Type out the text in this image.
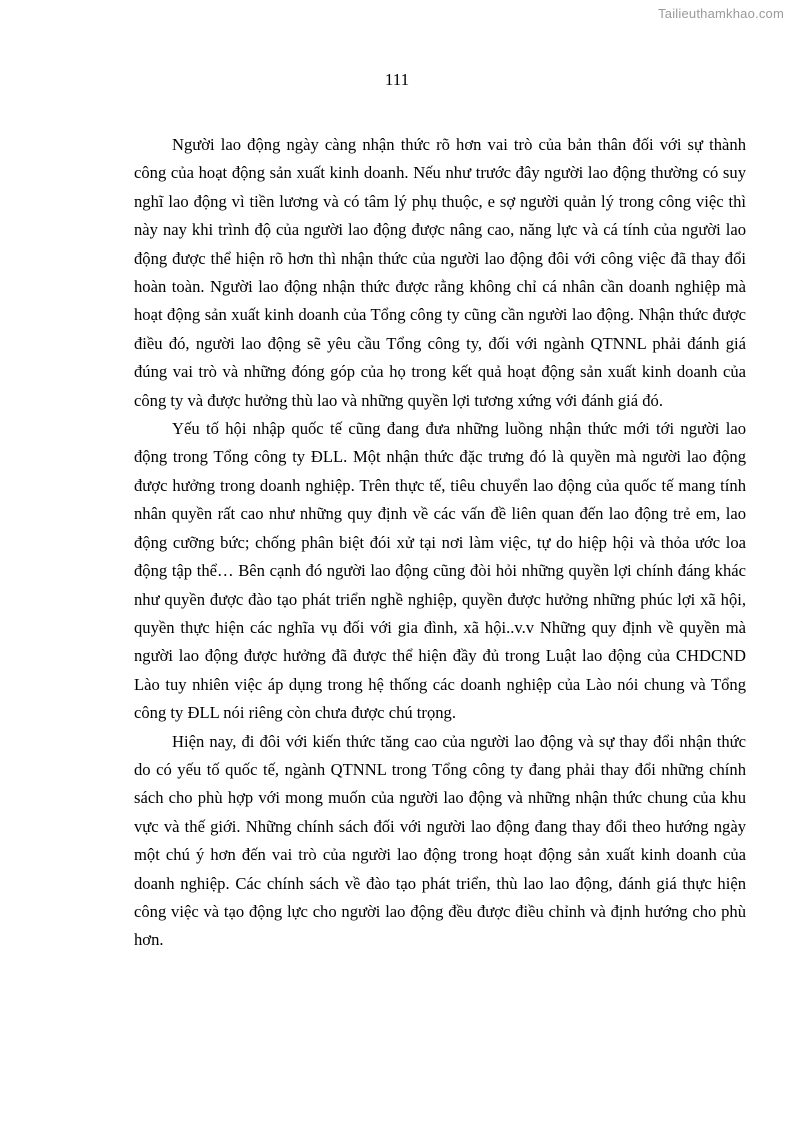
Tailieuthamkhao.com
111

Người lao động ngày càng nhận thức rõ hơn vai trò của bản thân đối với sự thành công của hoạt động sản xuất kinh doanh. Nếu như trước đây người lao động thường có suy nghĩ lao động vì tiền lương và có tâm lý phụ thuộc, e sợ người quản lý trong công việc thì này nay khi trình độ của người lao động được nâng cao, năng lực và cá tính của người lao động được thể hiện rõ hơn thì nhận thức của người lao động đôi với công việc đã thay đổi hoàn toàn. Người lao động nhận thức được rằng không chỉ cá nhân cần doanh nghiệp mà hoạt động sản xuất kinh doanh của Tổng công ty cũng cần người lao động. Nhận thức được điều đó, người lao động sẽ yêu cầu Tổng công ty, đối với ngành QTNNL phải đánh giá đúng vai trò và những đóng góp của họ trong kết quả hoạt động sản xuất kinh doanh của công ty và được hưởng thù lao và những quyền lợi tương xứng với đánh giá đó.

Yếu tố hội nhập quốc tế cũng đang đưa những luồng nhận thức mới tới người lao động trong Tổng công ty ĐLL. Một nhận thức đặc trưng đó là quyền mà người lao động được hưởng trong doanh nghiệp. Trên thực tế, tiêu chuyển lao động của quốc tế mang tính nhân quyền rất cao như những quy định về các vấn đề liên quan đến lao động trẻ em, lao động cưỡng bức; chống phân biệt đói xử tại nơi làm việc, tự do hiệp hội và thỏa ước loa động tập thể… Bên cạnh đó người lao động cũng đòi hỏi những quyền lợi chính đáng khác như quyền được đào tạo phát triển nghề nghiệp, quyền được hưởng những phúc lợi xã hội, quyền thực hiện các nghĩa vụ đối với gia đình, xã hội..v.v Những quy định về quyền mà người lao động được hưởng đã được thể hiện đầy đủ trong Luật lao động của CHDCND Lào tuy nhiên việc áp dụng trong hệ thống các doanh nghiệp của Lào nói chung và Tổng công ty ĐLL nói riêng còn chưa được chú trọng.

Hiện nay, đi đôi với kiến thức tăng cao của người lao động và sự thay đổi nhận thức do có yếu tố quốc tế, ngành QTNNL trong Tổng công ty đang phải thay đổi những chính sách cho phù hợp với mong muốn của người lao động và những nhận thức chung của khu vực và thế giới. Những chính sách đối với người lao động đang thay đổi theo hướng ngày một chú ý hơn đến vai trò của người lao động trong hoạt động sản xuất kinh doanh của doanh nghiệp. Các chính sách về đào tạo phát triển, thù lao lao động, đánh giá thực hiện công việc và tạo động lực cho người lao động đều được điều chỉnh và định hướng cho phù hơn.
